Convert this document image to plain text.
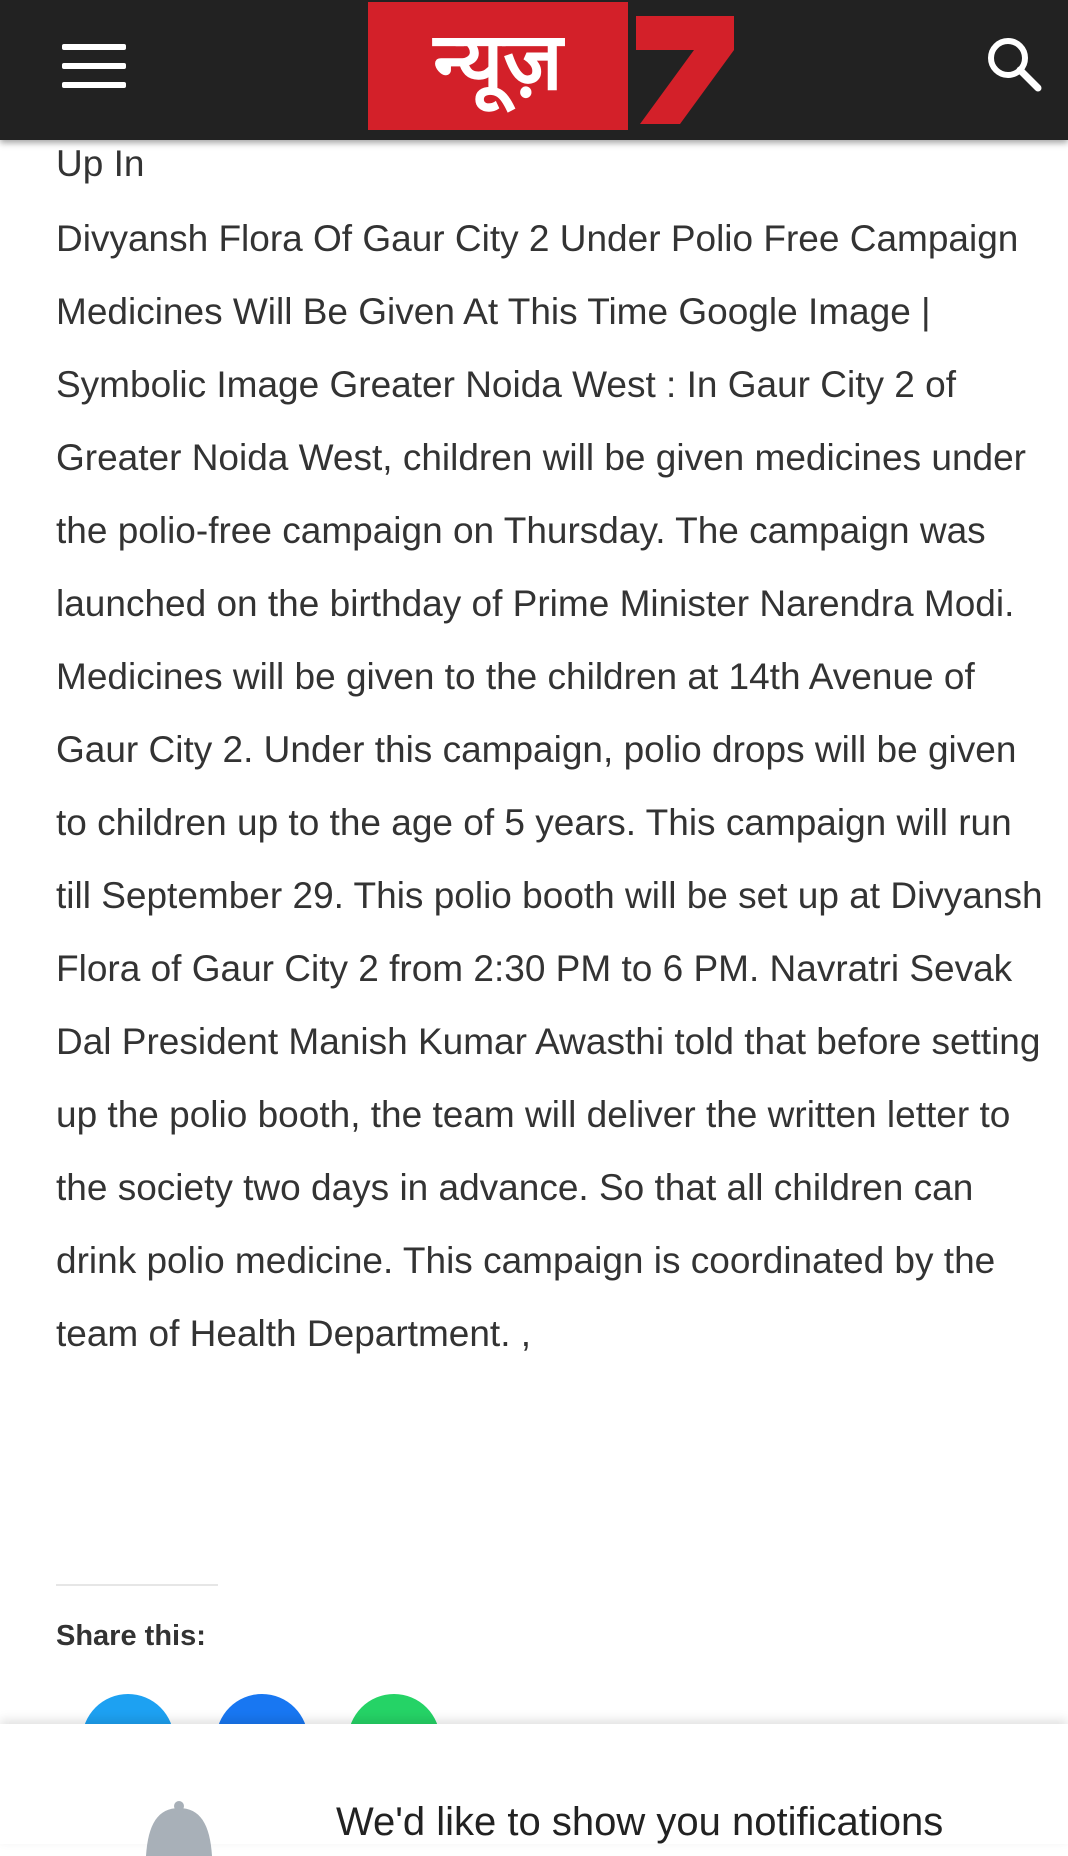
न्यूज़

Up In

Divyansh Flora Of Gaur City 2 Under Polio Free Campaign Medicines Will Be Given At This Time Google Image | Symbolic Image Greater Noida West : In Gaur City 2 of Greater Noida West, children will be given medicines under the polio-free campaign on Thursday. The campaign was launched on the birthday of Prime Minister Narendra Modi. Medicines will be given to the children at 14th Avenue of Gaur City 2. Under this campaign, polio drops will be given to children up to the age of 5 years. This campaign will run till September 29. This polio booth will be set up at Divyansh Flora of Gaur City 2 from 2:30 PM to 6 PM. Navratri Sevak Dal President Manish Kumar Awasthi told that before setting up the polio booth, the team will deliver the written letter to the society two days in advance. So that all children can drink polio medicine. This campaign is coordinated by the team of Health Department. ,

Share this:
We'd like to show you notifications
